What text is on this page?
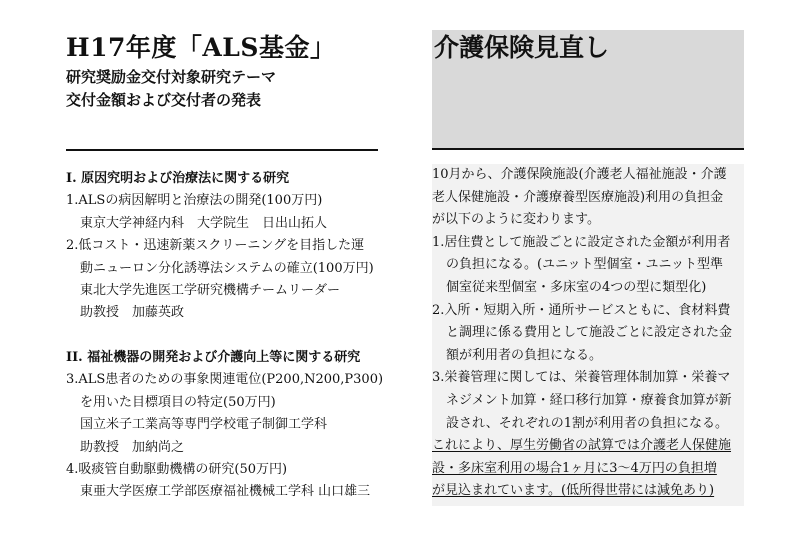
H17年度「ALS基金」
研究奨励金交付対象研究テーマ
交付金額および交付者の発表
I. 原因究明および治療法に関する研究
1.ALSの病因解明と治療法の開発(100万円)
東京大学神経内科　大学院生　日出山拓人
2.低コスト・迅速新薬スクリーニングを目指した運
動ニューロン分化誘導法システムの確立(100万円)
東北大学先進医工学研究機構チームリーダー
助教授　加藤英政
II. 福祉機器の開発および介護向上等に関する研究
3.ALS患者のための事象関連電位(P200,N200,P300)
を用いた目標項目の特定(50万円)
国立米子工業高等専門学校電子制御工学科
助教授　加納尚之
4.吸痰管自動駆動機構の研究(50万円)
東亜大学医療工学部医療福祉機械工学科 山口雄三
介護保険見直し
10月から、介護保険施設(介護老人福祉施設・介護
老人保健施設・介護療養型医療施設)利用の負担金
が以下のように変わります。
1.居住費として施設ごとに設定された金額が利用者
の負担になる。(ユニット型個室・ユニット型準
個室従来型個室・多床室の4つの型に類型化)
2.入所・短期入所・通所サービスともに、食材料費
と調理に係る費用として施設ごとに設定された金
額が利用者の負担になる。
3.栄養管理に関しては、栄養管理体制加算・栄養マ
ネジメント加算・経口移行加算・療養食加算が新
設され、それぞれの1割が利用者の負担になる。
これにより、厚生労働省の試算では介護老人保健施
設・多床室利用の場合1ヶ月に3～4万円の負担増
が見込まれています。(低所得世帯には減免あり)
